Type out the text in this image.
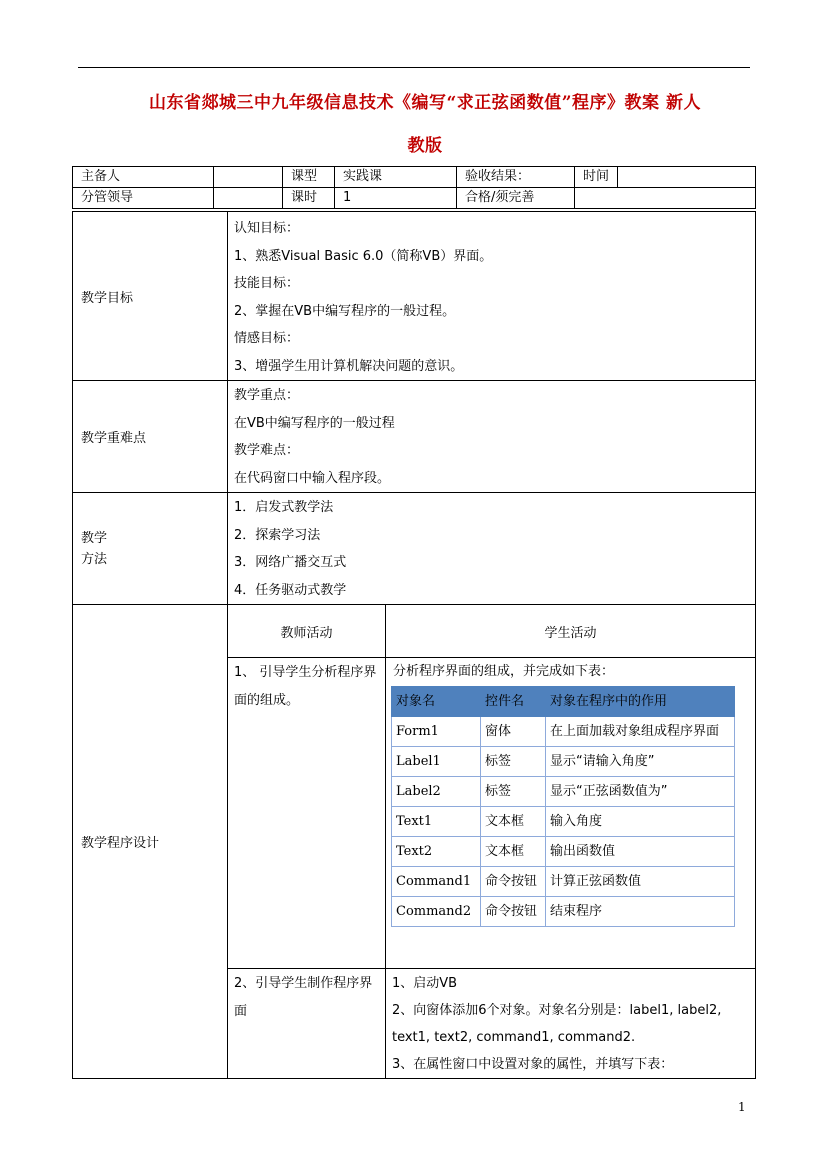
山东省郯城三中九年级信息技术《编写“求正弦函数值”程序》教案 新人
教版
主备人		课型	实践课	验收结果：	时间	
分管领导		课时	1	合格/须完善		
教学目标	
认知目标：
1、熟悉Visual Basic 6.0（简称VB）界面。
技能目标：
2、掌握在VB中编写程序的一般过程。
情感目标：
3、增强学生用计算机解决问题的意识。

教学重难点	
教学重点：
在VB中编写程序的一般过程
教学难点：
在代码窗口中输入程序段。

教学
方法

1．启发式教学法
2．探索学习法
3．网络广播交互式
4．任务驱动式教学

教学程序设计	教师活动	学生活动
1、 引导学生分析程序界面的组成。	
分析程序界面的组成，并完成如下表：
对象名	控件名	对象在程序中的作用
Form1	窗体	在上面加载对象组成程序界面
Label1	标签	显示“请输入角度”
Label2	标签	显示“正弦函数值为”
Text1	文本框	输入角度
Text2	文本框	输出函数值
Command1	命令按钮	计算正弦函数值
Command2	命令按钮	结束程序

2、引导学生制作程序界面	
1、启动VB
2、向窗体添加6个对象。对象名分别是：label1, label2, text1, text2, command1, command2.
3、在属性窗口中设置对象的属性，并填写下表：
1
